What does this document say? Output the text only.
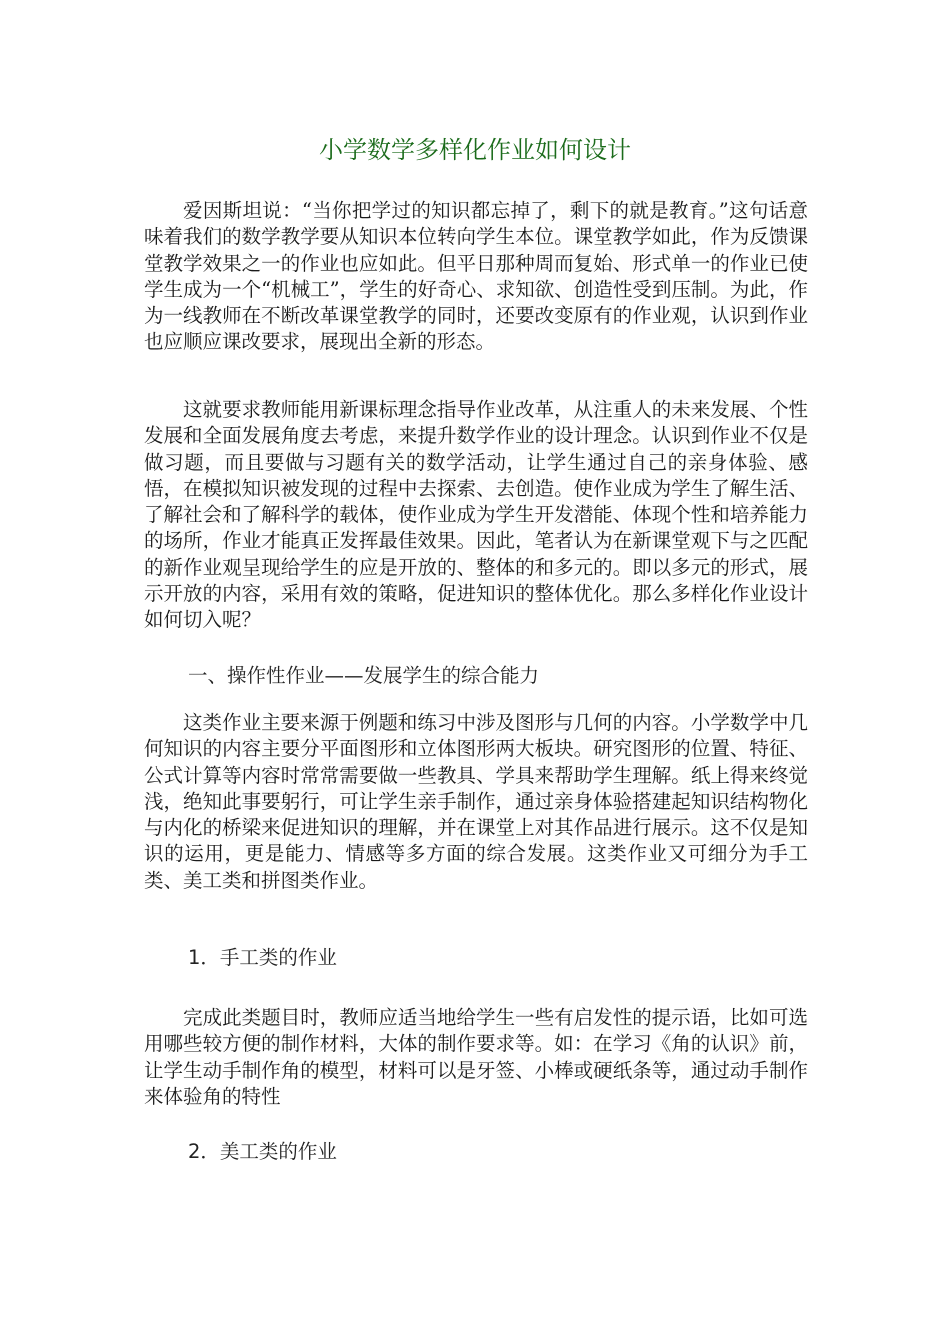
小学数学多样化作业如何设计

爱因斯坦说：“当你把学过的知识都忘掉了，剩下的就是教育。”这句话意味着我们的数学教学要从知识本位转向学生本位。课堂教学如此，作为反馈课堂教学效果之一的作业也应如此。但平日那种周而复始、形式单一的作业已使学生成为一个“机械工”，学生的好奇心、求知欲、创造性受到压制。为此，作为一线教师在不断改革课堂教学的同时，还要改变原有的作业观，认识到作业也应顺应课改要求，展现出全新的形态。

这就要求教师能用新课标理念指导作业改革，从注重人的未来发展、个性发展和全面发展角度去考虑，来提升数学作业的设计理念。认识到作业不仅是做习题，而且要做与习题有关的数学活动，让学生通过自己的亲身体验、感悟，在模拟知识被发现的过程中去探索、去创造。使作业成为学生了解生活、了解社会和了解科学的载体，使作业成为学生开发潜能、体现个性和培养能力的场所，作业才能真正发挥最佳效果。因此，笔者认为在新课堂观下与之匹配的新作业观呈现给学生的应是开放的、整体的和多元的。即以多元的形式，展示开放的内容，采用有效的策略，促进知识的整体优化。那么多样化作业设计如何切入呢？

一、操作性作业——发展学生的综合能力

这类作业主要来源于例题和练习中涉及图形与几何的内容。小学数学中几何知识的内容主要分平面图形和立体图形两大板块。研究图形的位置、特征、公式计算等内容时常常需要做一些教具、学具来帮助学生理解。纸上得来终觉浅，绝知此事要躬行，可让学生亲手制作，通过亲身体验搭建起知识结构物化与内化的桥梁来促进知识的理解，并在课堂上对其作品进行展示。这不仅是知识的运用，更是能力、情感等多方面的综合发展。这类作业又可细分为手工类、美工类和拼图类作业。

1．手工类的作业

完成此类题目时，教师应适当地给学生一些有启发性的提示语，比如可选用哪些较方便的制作材料，大体的制作要求等。如：在学习《角的认识》前，让学生动手制作角的模型，材料可以是牙签、小棒或硬纸条等，通过动手制作来体验角的特性

2．美工类的作业
